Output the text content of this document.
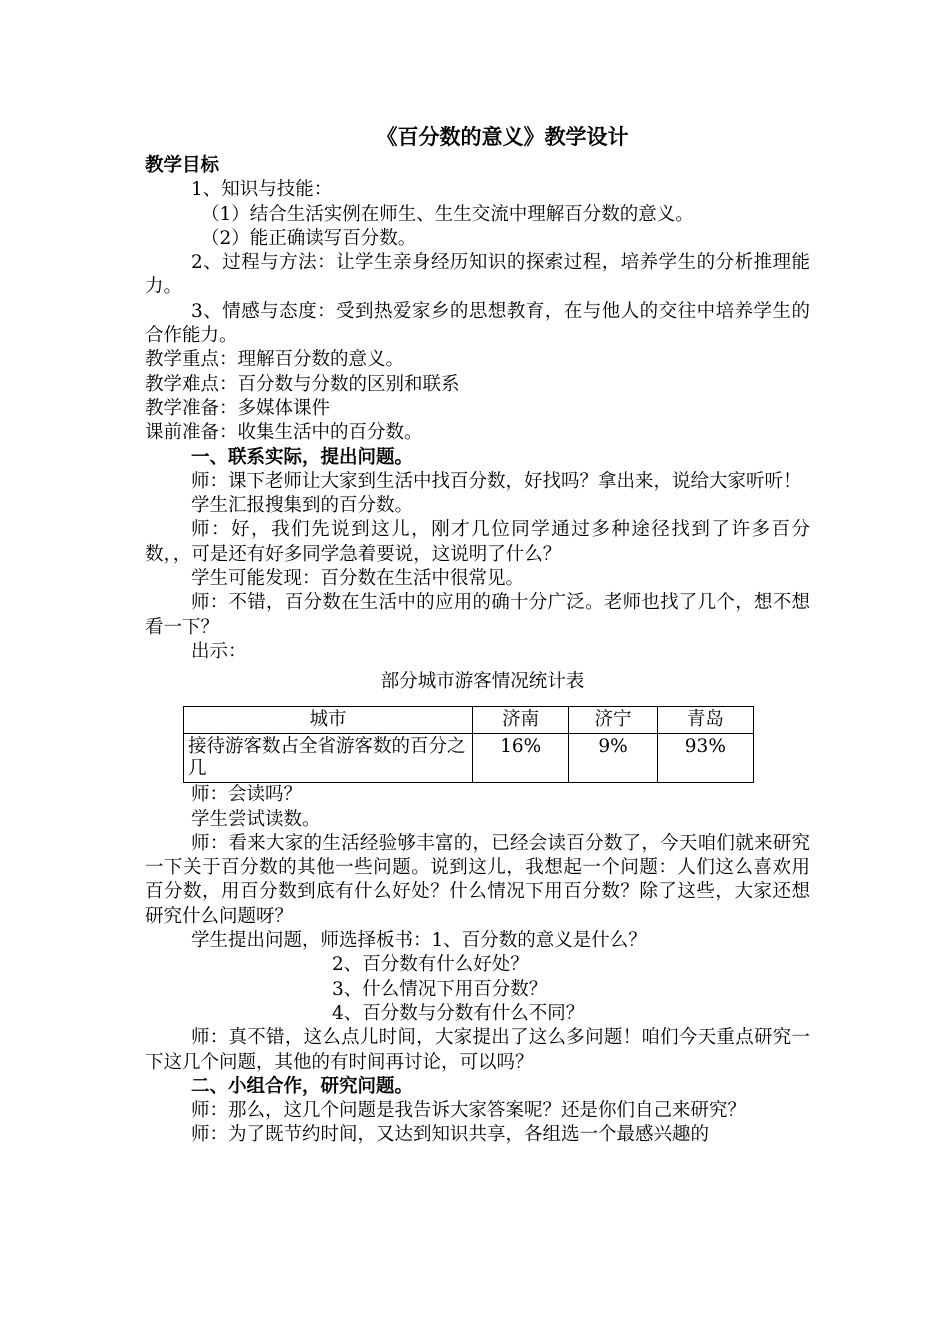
《百分数的意义》教学设计

教学目标

1、知识与技能：

（1）结合生活实例在师生、生生交流中理解百分数的意义。

（2）能正确读写百分数。

2、过程与方法：让学生亲身经历知识的探索过程，培养学生的分析推理能力。

3、情感与态度：受到热爱家乡的思想教育，在与他人的交往中培养学生的合作能力。

教学重点：理解百分数的意义。

教学难点：百分数与分数的区别和联系

教学准备：多媒体课件

课前准备：收集生活中的百分数。

一、联系实际，提出问题。

师：课下老师让大家到生活中找百分数，好找吗？拿出来，说给大家听听！

学生汇报搜集到的百分数。

师：好，我们先说到这儿，刚才几位同学通过多种途径找到了许多百分数，，可是还有好多同学急着要说，这说明了什么？

学生可能发现：百分数在生活中很常见。

师：不错，百分数在生活中的应用的确十分广泛。老师也找了几个，想不想看一下？

出示：

部分城市游客情况统计表
城市	济南	济宁	青岛
接待游客数占全省游客数的百分之几	16%	9%	93%

师：会读吗？

学生尝试读数。

师：看来大家的生活经验够丰富的，已经会读百分数了，今天咱们就来研究一下关于百分数的其他一些问题。说到这儿，我想起一个问题：人们这么喜欢用百分数，用百分数到底有什么好处？什么情况下用百分数？除了这些，大家还想研究什么问题呀？

学生提出问题，师选择板书：1、百分数的意义是什么？

2、百分数有什么好处？

3、什么情况下用百分数？

4、百分数与分数有什么不同？

师：真不错，这么点儿时间，大家提出了这么多问题！咱们今天重点研究一下这几个问题，其他的有时间再讨论，可以吗？

二、小组合作，研究问题。

师：那么，这几个问题是我告诉大家答案呢？还是你们自己来研究？

师：为了既节约时间，又达到知识共享，各组选一个最感兴趣的
